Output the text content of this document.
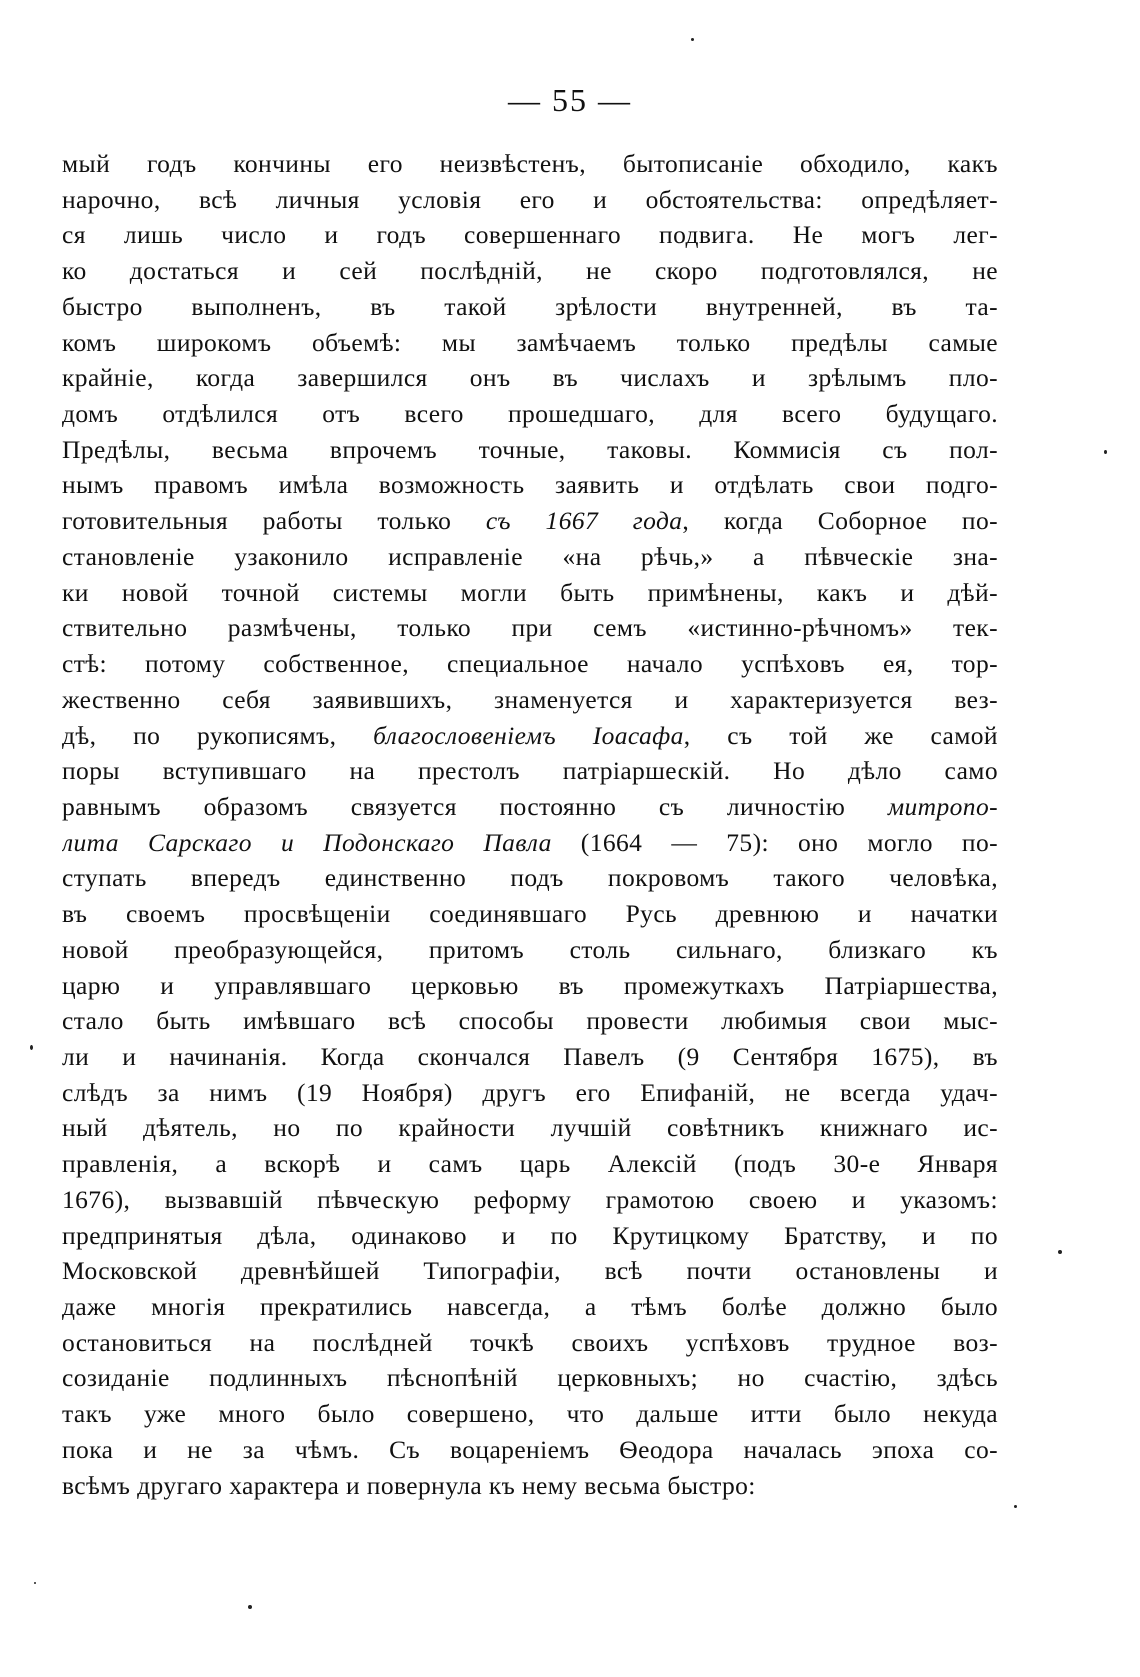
— 55 —
мый годъ кончины его неизвѣстенъ, бытописаніе обходило, какъ
нарочно, всѣ личныя условія его и обстоятельства: опредѣляет-
ся лишь число и годъ совершеннаго подвига. Не могъ лег-
ко достаться и сей послѣдній, не скоро подготовлялся, не
быстро выполненъ, въ такой зрѣлости внутренней, въ та-
комъ широкомъ объемѣ: мы замѣчаемъ только предѣлы самые
крайніе, когда завершился онъ въ числахъ и зрѣлымъ пло-
домъ отдѣлился отъ всего прошедшаго, для всего будущаго.
Предѣлы, весьма впрочемъ точные, таковы. Коммисія съ пол-
нымъ правомъ имѣла возможность заявить и отдѣлать свои подго-
готовительныя работы только съ 1667 года, когда Соборное по-
становленіе узаконило исправленіе «на рѣчь,» а пѣвческіе зна-
ки новой точной системы могли быть примѣнены, какъ и дѣй-
ствительно размѣчены, только при семъ «истинно-рѣчномъ» тек-
стѣ: потому собственное, специальное начало успѣховъ ея, тор-
жественно себя заявившихъ, знаменуется и характеризуется вез-
дѣ, по рукописямъ, благословеніемъ Іоасафа, съ той же самой
поры вступившаго на престолъ патріаршескій. Но дѣло само
равнымъ образомъ связуется постоянно съ личностію митропо-
лита Сарскаго и Подонскаго Павла (1664 — 75): оно могло по-
ступать впередъ единственно подъ покровомъ такого человѣка,
въ своемъ просвѣщеніи соединявшаго Русь древнюю и начатки
новой преобразующейся, притомъ столь сильнаго, близкаго къ
царю и управлявшаго церковью въ промежуткахъ Патріаршества,
стало быть имѣвшаго всѣ способы провести любимыя свои мыс-
ли и начинанія. Когда скончался Павелъ (9 Сентября 1675), въ
слѣдъ за нимъ (19 Ноября) другъ его Епифаній, не всегда удач-
ный дѣятель, но по крайности лучшій совѣтникъ книжнаго ис-
правленія, а вскорѣ и самъ царь Алексій (подъ 30-е Января
1676), вызвавшій пѣвческую реформу грамотою своею и указомъ:
предпринятыя дѣла, одинаково и по Крутицкому Братству, и по
Московской древнѣйшей Типографіи, всѣ почти остановлены и
даже многія прекратились навсегда, а тѣмъ болѣе должно было
остановиться на послѣдней точкѣ своихъ успѣховъ трудное воз-
созиданіе подлинныхъ пѣснопѣній церковныхъ; но счастію, здѣсь
такъ уже много было совершено, что дальше итти было некуда
пока и не за чѣмъ. Съ воцареніемъ Ѳеодора началась эпоха со-
всѣмъ другаго характера и повернула къ нему весьма быстро:
